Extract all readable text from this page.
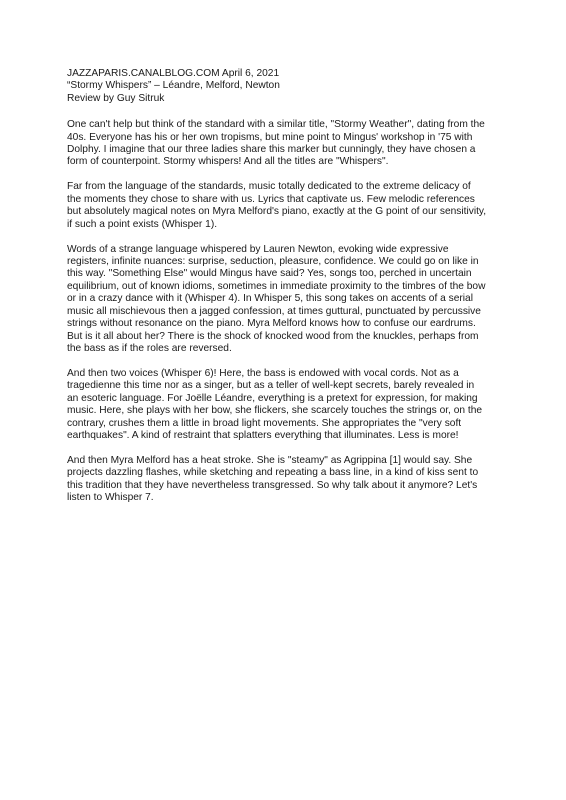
JAZZAPARIS.CANALBLOG.COM April 6, 2021
“Stormy Whispers” – Léandre, Melford, Newton
Review by Guy Sitruk
One can't help but think of the standard with a similar title, "Stormy Weather", dating from the
40s. Everyone has his or her own tropisms, but mine point to Mingus' workshop in '75 with
Dolphy. I imagine that our three ladies share this marker but cunningly, they have chosen a
form of counterpoint. Stormy whispers! And all the titles are "Whispers".
Far from the language of the standards, music totally dedicated to the extreme delicacy of
the moments they chose to share with us. Lyrics that captivate us. Few melodic references
but absolutely magical notes on Myra Melford's piano, exactly at the G point of our sensitivity,
if such a point exists (Whisper 1).
Words of a strange language whispered by Lauren Newton, evoking wide expressive
registers, infinite nuances: surprise, seduction, pleasure, confidence. We could go on like in
this way. "Something Else" would Mingus have said? Yes, songs too, perched in uncertain
equilibrium, out of known idioms, sometimes in immediate proximity to the timbres of the bow
or in a crazy dance with it (Whisper 4). In Whisper 5, this song takes on accents of a serial
music all mischievous then a jagged confession, at times guttural, punctuated by percussive
strings without resonance on the piano. Myra Melford knows how to confuse our eardrums.
But is it all about her? There is the shock of knocked wood from the knuckles, perhaps from
the bass as if the roles are reversed.
And then two voices (Whisper 6)! Here, the bass is endowed with vocal cords. Not as a
tragedienne this time nor as a singer, but as a teller of well-kept secrets, barely revealed in
an esoteric language. For Joëlle Léandre, everything is a pretext for expression, for making
music. Here, she plays with her bow, she flickers, she scarcely touches the strings or, on the
contrary, crushes them a little in broad light movements. She appropriates the "very soft
earthquakes". A kind of restraint that splatters everything that illuminates. Less is more!
And then Myra Melford has a heat stroke. She is "steamy" as Agrippina [1] would say. She
projects dazzling flashes, while sketching and repeating a bass line, in a kind of kiss sent to
this tradition that they have nevertheless transgressed. So why talk about it anymore? Let's
listen to Whisper 7.
